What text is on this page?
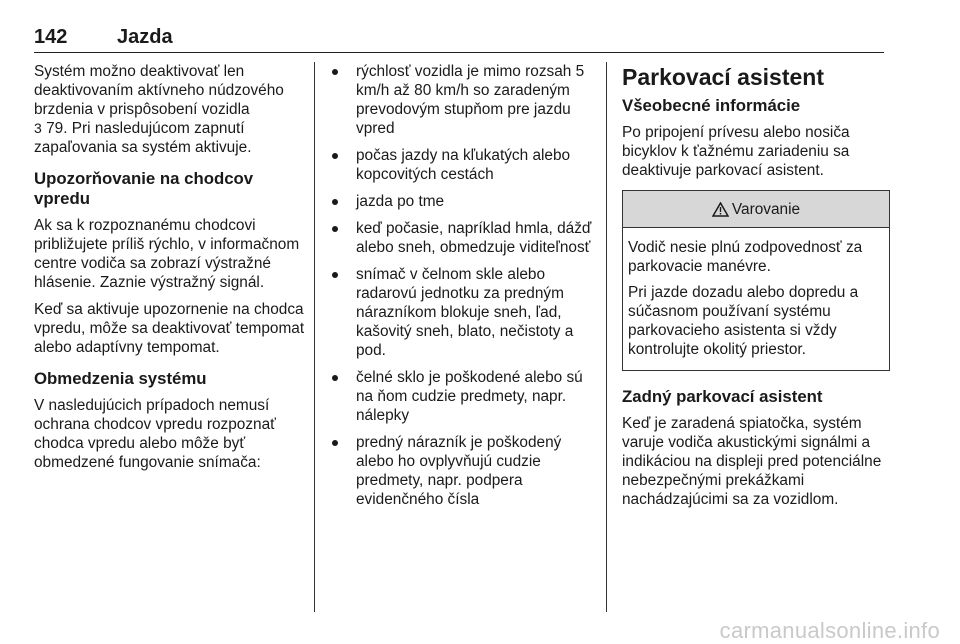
142 Jazda

Systém možno deaktivovať len deaktivovaním aktívneho núdzového brzdenia v prispôsobení vozidla
3 79. Pri nasledujúcom zapnutí zapaľovania sa systém aktivuje.

Upozorňovanie na chodcov vpredu

Ak sa k rozpoznanému chodcovi približujete príliš rýchlo, v informačnom centre vodiča sa zobrazí výstražné hlásenie. Zaznie výstražný signál.

Keď sa aktivuje upozornenie na chodca vpredu, môže sa deaktivovať tempomat alebo adaptívny tempomat.

Obmedzenia systému

V nasledujúcich prípadoch nemusí ochrana chodcov vpredu rozpoznať chodca vpredu alebo môže byť obmedzené fungovanie snímača:

rýchlosť vozidla je mimo rozsah 5 km/h až 80 km/h so zaradeným prevodovým stupňom pre jazdu vpred
počas jazdy na kľukatých alebo kopcovitých cestách
jazda po tme
keď počasie, napríklad hmla, dážď alebo sneh, obmedzuje viditeľnosť
snímač v čelnom skle alebo radarovú jednotku za predným nárazníkom blokuje sneh, ľad, kašovitý sneh, blato, nečistoty a pod.
čelné sklo je poškodené alebo sú na ňom cudzie predmety, napr. nálepky
predný nárazník je poškodený alebo ho ovplyvňujú cudzie predmety, napr. podpera evidenčného čísla
Parkovací asistent
Všeobecné informácie

Po pripojení prívesu alebo nosiča bicyklov k ťažnému zariadeniu sa deaktivuje parkovací asistent.

Varovanie

Vodič nesie plnú zodpovednosť za parkovacie manévre.

Pri jazde dozadu alebo dopredu a súčasnom používaní systému parkovacieho asistenta si vždy kontrolujte okolitý priestor.

Zadný parkovací asistent

Keď je zaradená spiatočka, systém varuje vodiča akustickými signálmi a indikáciou na displeji pred potenciálne nebezpečnými prekážkami nachádzajúcimi sa za vozidlom.

carmanualsonline.info
